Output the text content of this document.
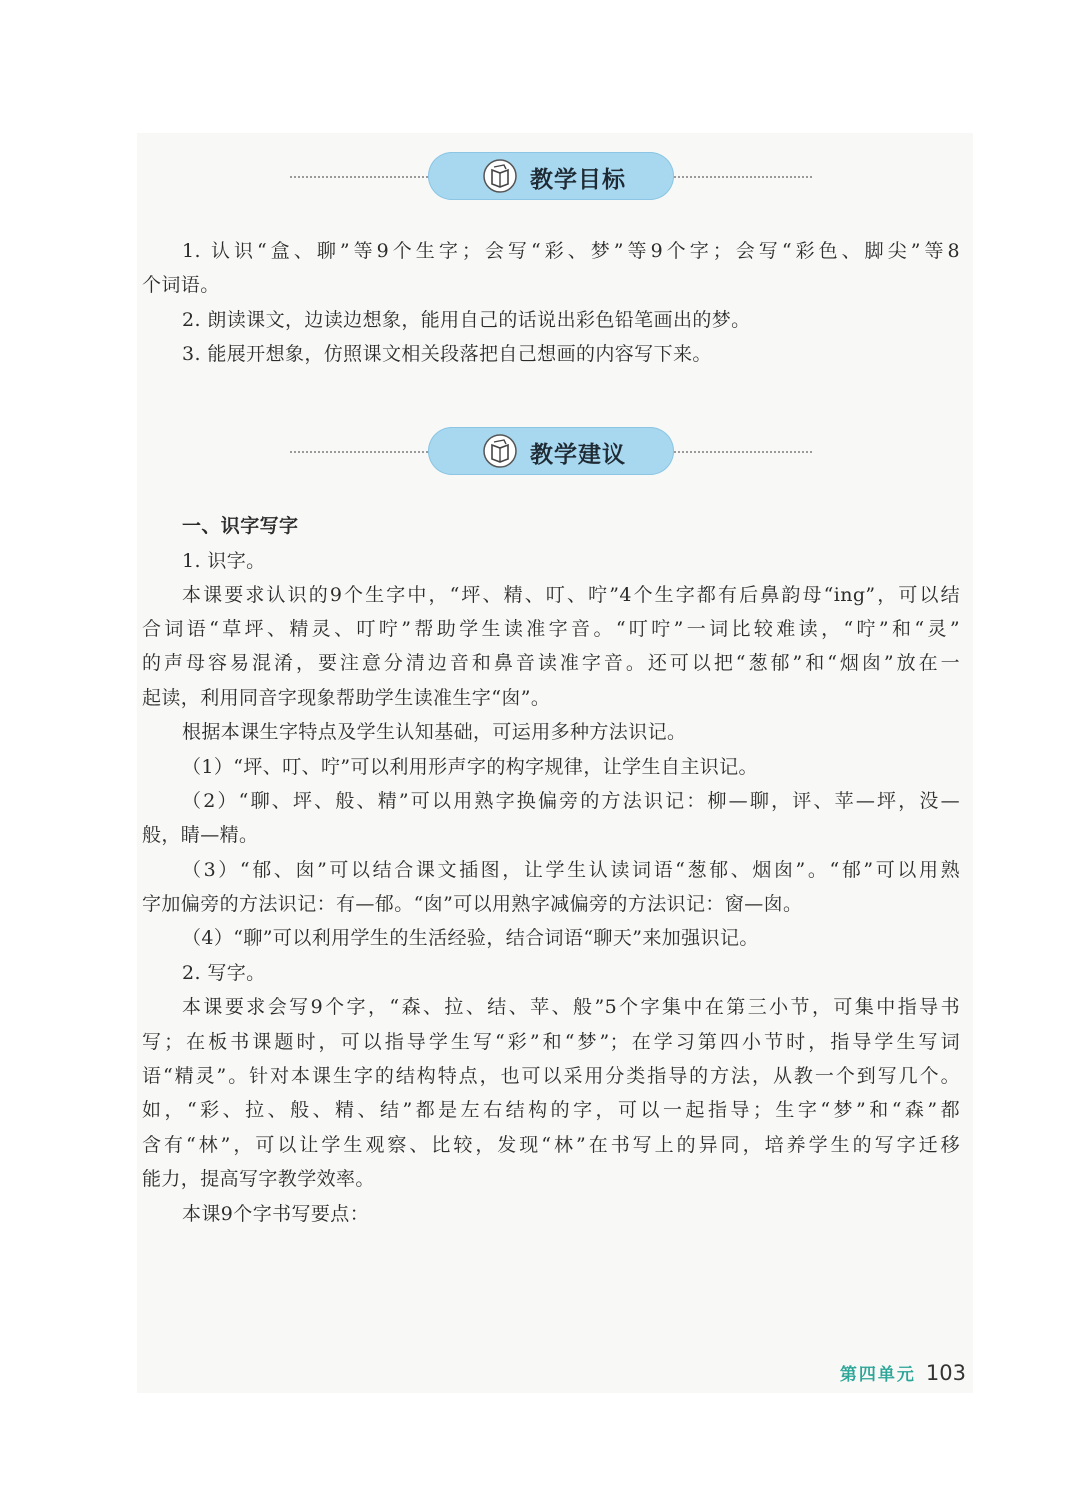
教学目标
1. 认识“盒、聊”等9个生字；会写“彩、梦”等9个字；会写“彩色、脚尖”等8
个词语。
2. 朗读课文，边读边想象，能用自己的话说出彩色铅笔画出的梦。
3. 能展开想象，仿照课文相关段落把自己想画的内容写下来。
教学建议
一、识字写字
1. 识字。
本课要求认识的9个生字中，“坪、精、叮、咛”4个生字都有后鼻韵母“ing”，可以结
合词语“草坪、精灵、叮咛”帮助学生读准字音。“叮咛”一词比较难读，“咛”和“灵”
的声母容易混淆，要注意分清边音和鼻音读准字音。还可以把“葱郁”和“烟囱”放在一
起读，利用同音字现象帮助学生读准生字“囱”。
根据本课生字特点及学生认知基础，可运用多种方法识记。
（1）“坪、叮、咛”可以利用形声字的构字规律，让学生自主识记。
（2）“聊、坪、般、精”可以用熟字换偏旁的方法识记：柳—聊，评、苹—坪，没—
般，睛—精。
（3）“郁、囱”可以结合课文插图，让学生认读词语“葱郁、烟囱”。“郁”可以用熟
字加偏旁的方法识记：有—郁。“囱”可以用熟字减偏旁的方法识记：窗—囱。
（4）“聊”可以利用学生的生活经验，结合词语“聊天”来加强识记。
2. 写字。
本课要求会写9个字，“森、拉、结、苹、般”5个字集中在第三小节，可集中指导书
写；在板书课题时，可以指导学生写“彩”和“梦”；在学习第四小节时，指导学生写词
语“精灵”。针对本课生字的结构特点，也可以采用分类指导的方法，从教一个到写几个。
如，“彩、拉、般、精、结”都是左右结构的字，可以一起指导；生字“梦”和“森”都
含有“林”，可以让学生观察、比较，发现“林”在书写上的异同，培养学生的写字迁移
能力，提高写字教学效率。
本课9个字书写要点：
第四单元 103
